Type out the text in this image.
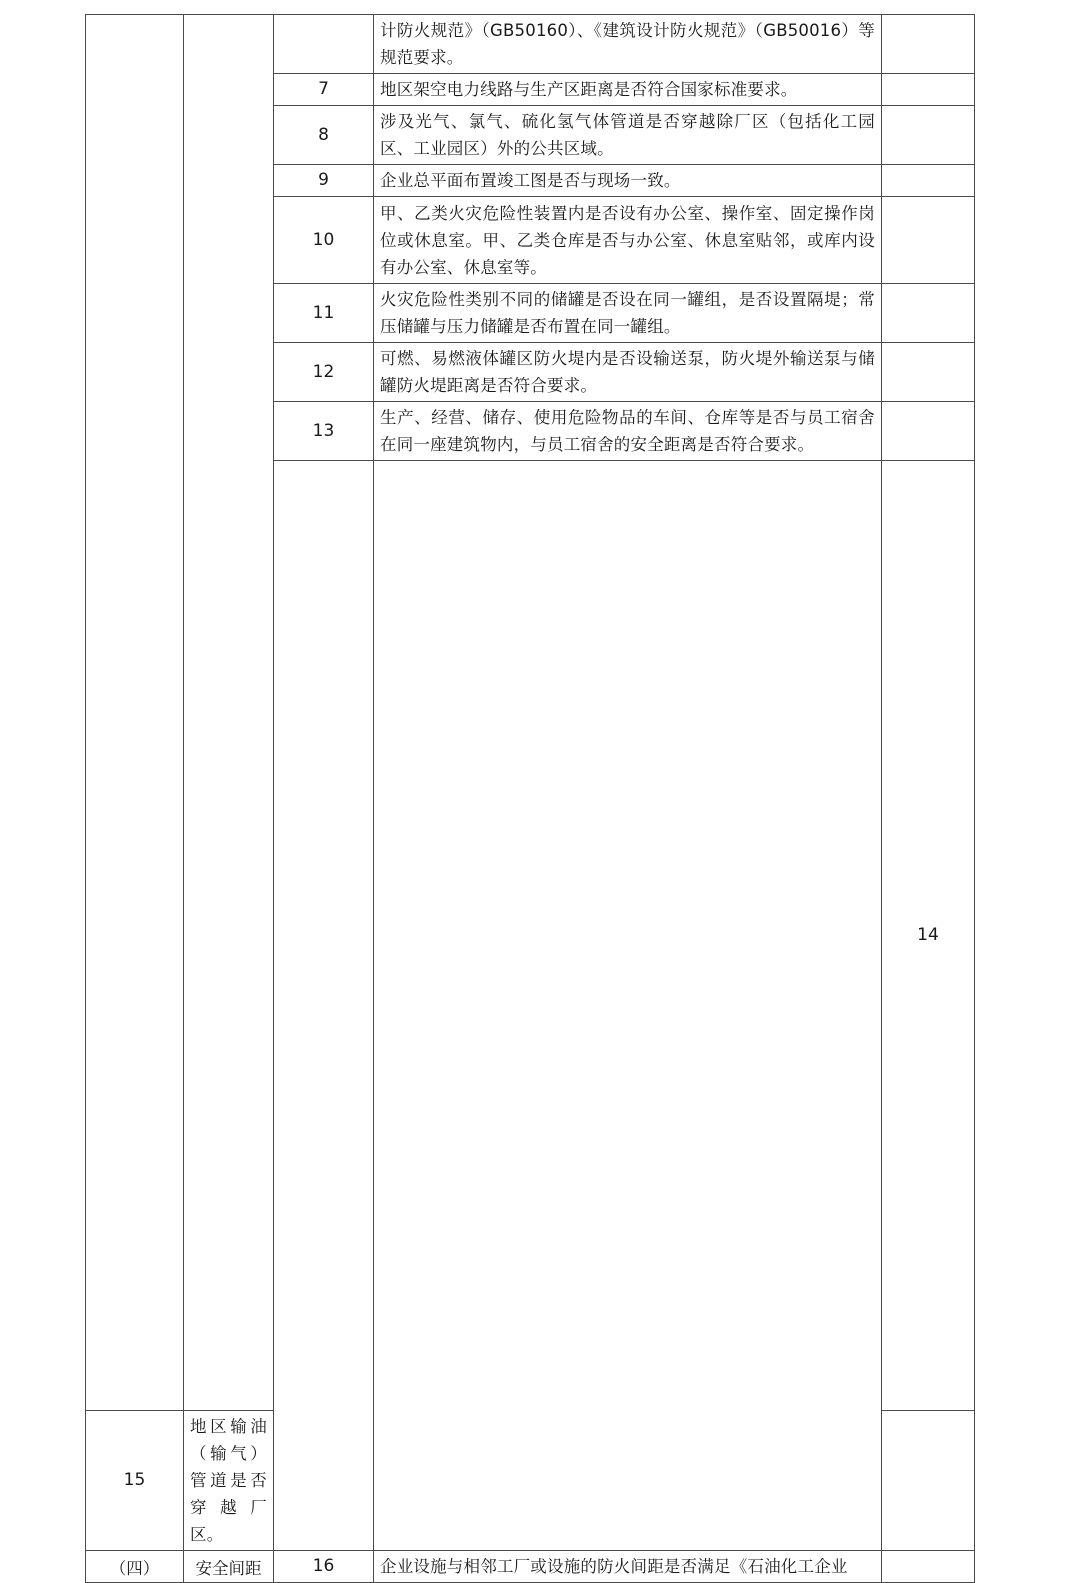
			计防火规范》（GB50160）、《建筑设计防火规范》（GB50016）等规范要求。		
		7	地区架空电力线路与生产区距离是否符合国家标准要求。		
		8	涉及光气、氯气、硫化氢气体管道是否穿越除厂区（包括化工园区、工业园区）外的公共区域。		
		9	企业总平面布置竣工图是否与现场一致。		
		10	甲、乙类火灾危险性装置内是否设有办公室、操作室、固定操作岗位或休息室。甲、乙类仓库是否与办公室、休息室贴邻，或库内设有办公室、休息室等。		
		11	火灾危险性类别不同的储罐是否设在同一罐组，是否设置隔堤；常压储罐与压力储罐是否布置在同一罐组。		
		12	可燃、易燃液体罐区防火堤内是否设输送泵，防火堤外输送泵与储罐防火堤距离是否符合要求。		
		13	生产、经营、储存、使用危险物品的车间、仓库等是否与员工宿舍在同一座建筑物内，与员工宿舍的安全距离是否符合要求。		
				14		
15	地区输油（输气）管道是否穿越厂区。				
（四）	安全间距	16	企业设施与相邻工厂或设施的防火间距是否满足《石油化工企业		
